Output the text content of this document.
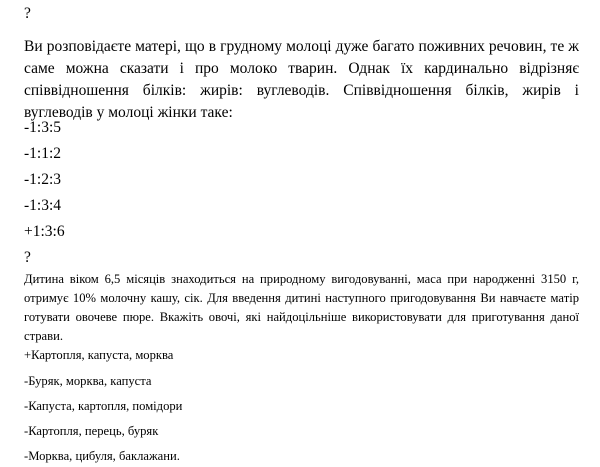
?

Ви розповідаєте матері, що в грудному молоці дуже багато поживних речовин, те ж саме можна сказати і про молоко тварин. Однак їх кардинально відрізняє співвідношення білків: жирів: вуглеводів. Співвідношення білків, жирів і вуглеводів у молоці жінки таке:

-1:3:5

-1:1:2

-1:2:3

-1:3:4

+1:3:6

?

Дитина віком 6,5 місяців знаходиться на природному вигодовуванні, маса при народженні 3150 г, отримує 10% молочну кашу, сік. Для введення дитині наступного пригодовування Ви навчаєте матір готувати овочеве пюре. Вкажіть овочі, які найдоцільніше використовувати для приготування даної страви.

+Картопля, капуста, морква

-Буряк, морква, капуста

-Капуста, картопля, помідори

-Картопля, перець, буряк

-Морква, цибуля, баклажани.
